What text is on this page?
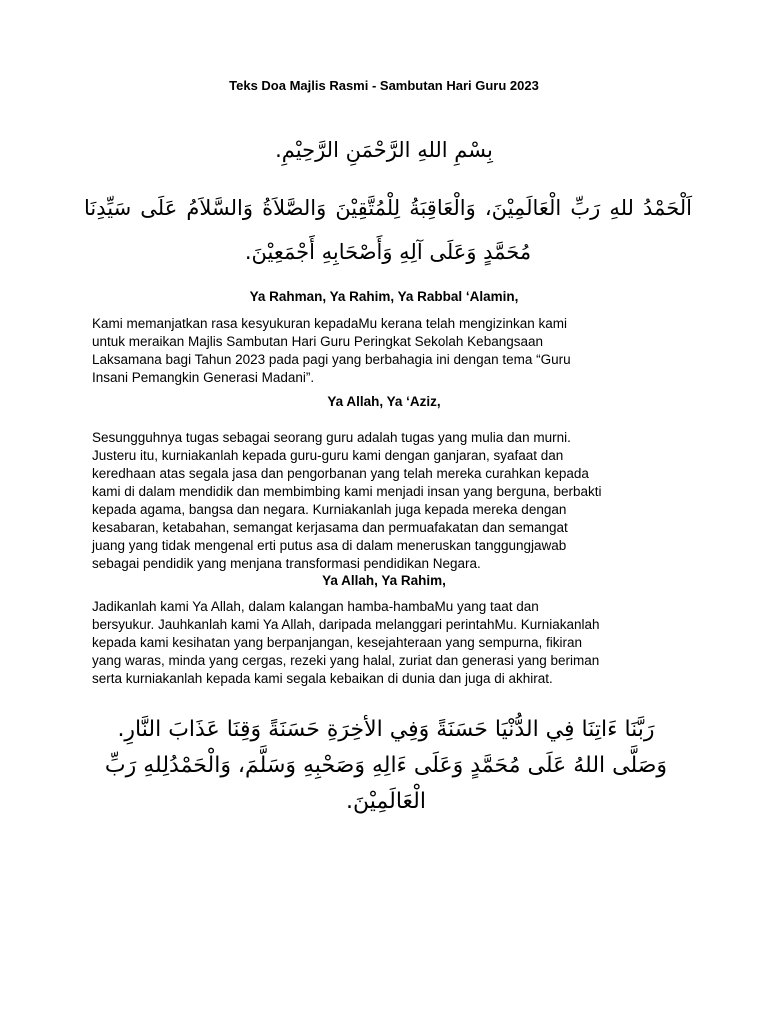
Teks Doa Majlis Rasmi - Sambutan Hari Guru 2023
بِسْمِ اللهِ الرَّحْمَنِ الرَّحِيْمِ.
اَلْحَمْدُ للهِ رَبِّ الْعَالَمِيْنَ، وَالْعَاقِبَةُ لِلْمُتَّقِيْنَ وَالصَّلاَةُ وَالسَّلاَمُ عَلَى سَيِّدِنَا مُحَمَّدٍ وَعَلَى آلِهِ وَأَصْحَابِهِ أَجْمَعِيْنَ.
Ya Rahman, Ya Rahim, Ya Rabbal ‘Alamin,
Kami memanjatkan rasa kesyukuran kepadaMu kerana telah mengizinkan kami
untuk meraikan Majlis Sambutan Hari Guru Peringkat Sekolah Kebangsaan
Laksamana bagi Tahun 2023 pada pagi yang berbahagia ini dengan tema “Guru
Insani Pemangkin Generasi Madani”.
Ya Allah, Ya ‘Aziz,
Sesungguhnya tugas sebagai seorang guru adalah tugas yang mulia dan murni.
Justeru itu, kurniakanlah kepada guru-guru kami dengan ganjaran, syafaat dan
keredhaan atas segala jasa dan pengorbanan yang telah mereka curahkan kepada
kami di dalam mendidik dan membimbing kami menjadi insan yang berguna, berbakti
kepada agama, bangsa dan negara. Kurniakanlah juga kepada mereka dengan
kesabaran, ketabahan, semangat kerjasama dan permuafakatan dan semangat
juang yang tidak mengenal erti putus asa di dalam meneruskan tanggungjawab
sebagai pendidik yang menjana transformasi pendidikan Negara.
Ya Allah, Ya Rahim,
Jadikanlah kami Ya Allah, dalam kalangan hamba-hambaMu yang taat dan
bersyukur. Jauhkanlah kami Ya Allah, daripada melanggari perintahMu. Kurniakanlah
kepada kami kesihatan yang berpanjangan, kesejahteraan yang sempurna, fikiran
yang waras, minda yang cergas, rezeki yang halal, zuriat dan generasi yang beriman
serta kurniakanlah kepada kami segala kebaikan di dunia dan juga di akhirat.
رَبَّنَا ءَاتِنَا فِي الدُّنْيَا حَسَنَةً وَفِي الأخِرَةِ حَسَنَةً وَقِنَا عَذَابَ النَّارِ. وَصَلَّى اللهُ عَلَى مُحَمَّدٍ وَعَلَى ءَالِهِ وَصَحْبِهِ وَسَلَّمَ، وَالْحَمْدُلِلهِ رَبِّ الْعَالَمِيْنَ.
